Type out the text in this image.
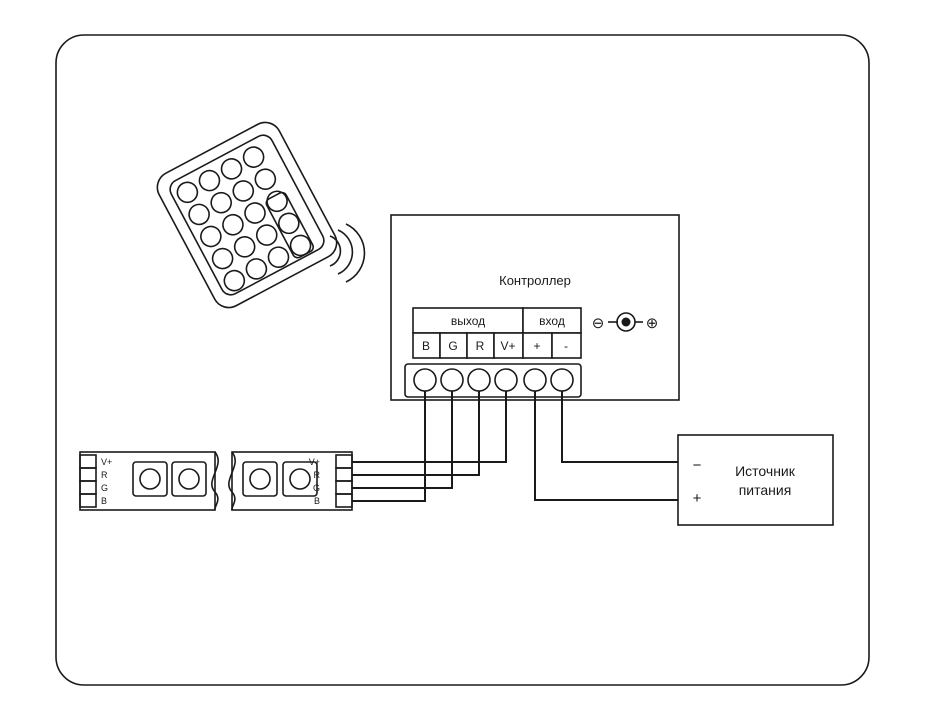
Контроллер
выход	вход
B G R V+ + -
⊖	⊕
−
+
Источник
питания
V+
R
G
B
V+
R
G
B
